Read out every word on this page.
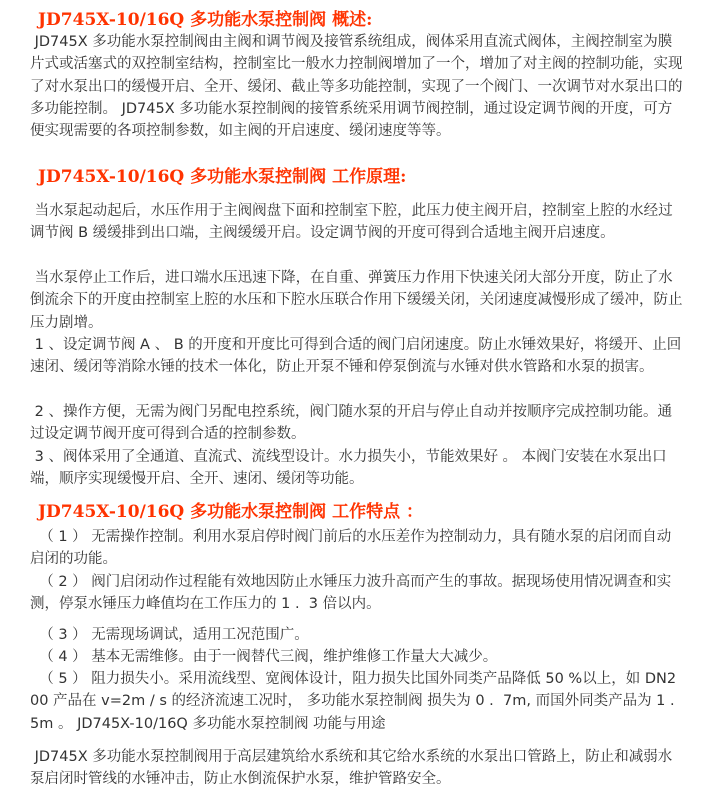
JD745X-10/16Q 多功能水泵控制阀 概述:
JD745X 多功能水泵控制阀由主阀和调节阀及接管系统组成，阀体采用直流式阀体，主阀控制室为膜片式或活塞式的双控制室结构，控制室比一般水力控制阀增加了一个，增加了对主阀的控制功能，实现了对水泵出口的缓慢开启、全开、缓闭、截止等多功能控制，实现了一个阀门、一次调节对水泵出口的多功能控制。 JD745X 多功能水泵控制阀的接管系统采用调节阀控制，通过设定调节阀的开度，可方便实现需要的各项控制参数，如主阀的开启速度、缓闭速度等等。
JD745X-10/16Q 多功能水泵控制阀 工作原理:
当水泵起动起后，水压作用于主阀阀盘下面和控制室下腔，此压力使主阀开启，控制室上腔的水经过调节阀 B 缓缓排到出口端，主阀缓缓开启。设定调节阀的开度可得到合适地主阀开启速度。
当水泵停止工作后，进口端水压迅速下降，在自重、弹簧压力作用下快速关闭大部分开度，防止了水倒流余下的开度由控制室上腔的水压和下腔水压联合作用下缓缓关闭，关闭速度减慢形成了缓冲，防止压力剧增。
1 、设定调节阀 A 、 B 的开度和开度比可得到合适的阀门启闭速度。防止水锤效果好，将缓开、止回速闭、缓闭等消除水锤的技术一体化，防止开泵不锤和停泵倒流与水锤对供水管路和水泵的损害。
2 、操作方便，无需为阀门另配电控系统，阀门随水泵的开启与停止自动并按顺序完成控制功能。通过设定调节阀开度可得到合适的控制参数。
3 、阀体采用了全通道、直流式、流线型设计。水力损失小，节能效果好 。 本阀门安装在水泵出口端，顺序实现缓慢开启、全开、速闭、缓闭等功能。
JD745X-10/16Q 多功能水泵控制阀 工作特点 ：
（ 1 ） 无需操作控制。利用水泵启停时阀门前后的水压差作为控制动力，具有随水泵的启闭而自动启闭的功能。
（ 2 ） 阀门启闭动作过程能有效地因防止水锤压力波升高而产生的事故。据现场使用情况调查和实测，停泵水锤压力峰值均在工作压力的 1 .  3 倍以内。
（ 3 ） 无需现场调试，适用工况范围广。
（ 4 ） 基本无需维修。由于一阀替代三阀，维护维修工作量大大减少。
（ 5 ） 阻力损失小。采用流线型、宽阀体设计，阻力损失比国外同类产品降低 50 %以上，如 DN200 产品在 v=2m / s 的经济流速工况时， 多功能水泵控制阀 损失为 0 .  7m, 而国外同类产品为 1 .  5m 。 JD745X-10/16Q 多功能水泵控制阀 功能与用途
JD745X 多功能水泵控制阀用于高层建筑给水系统和其它给水系统的水泵出口管路上，防止和减弱水泵启闭时管线的水锤冲击，防止水倒流保护水泵，维护管路安全。
